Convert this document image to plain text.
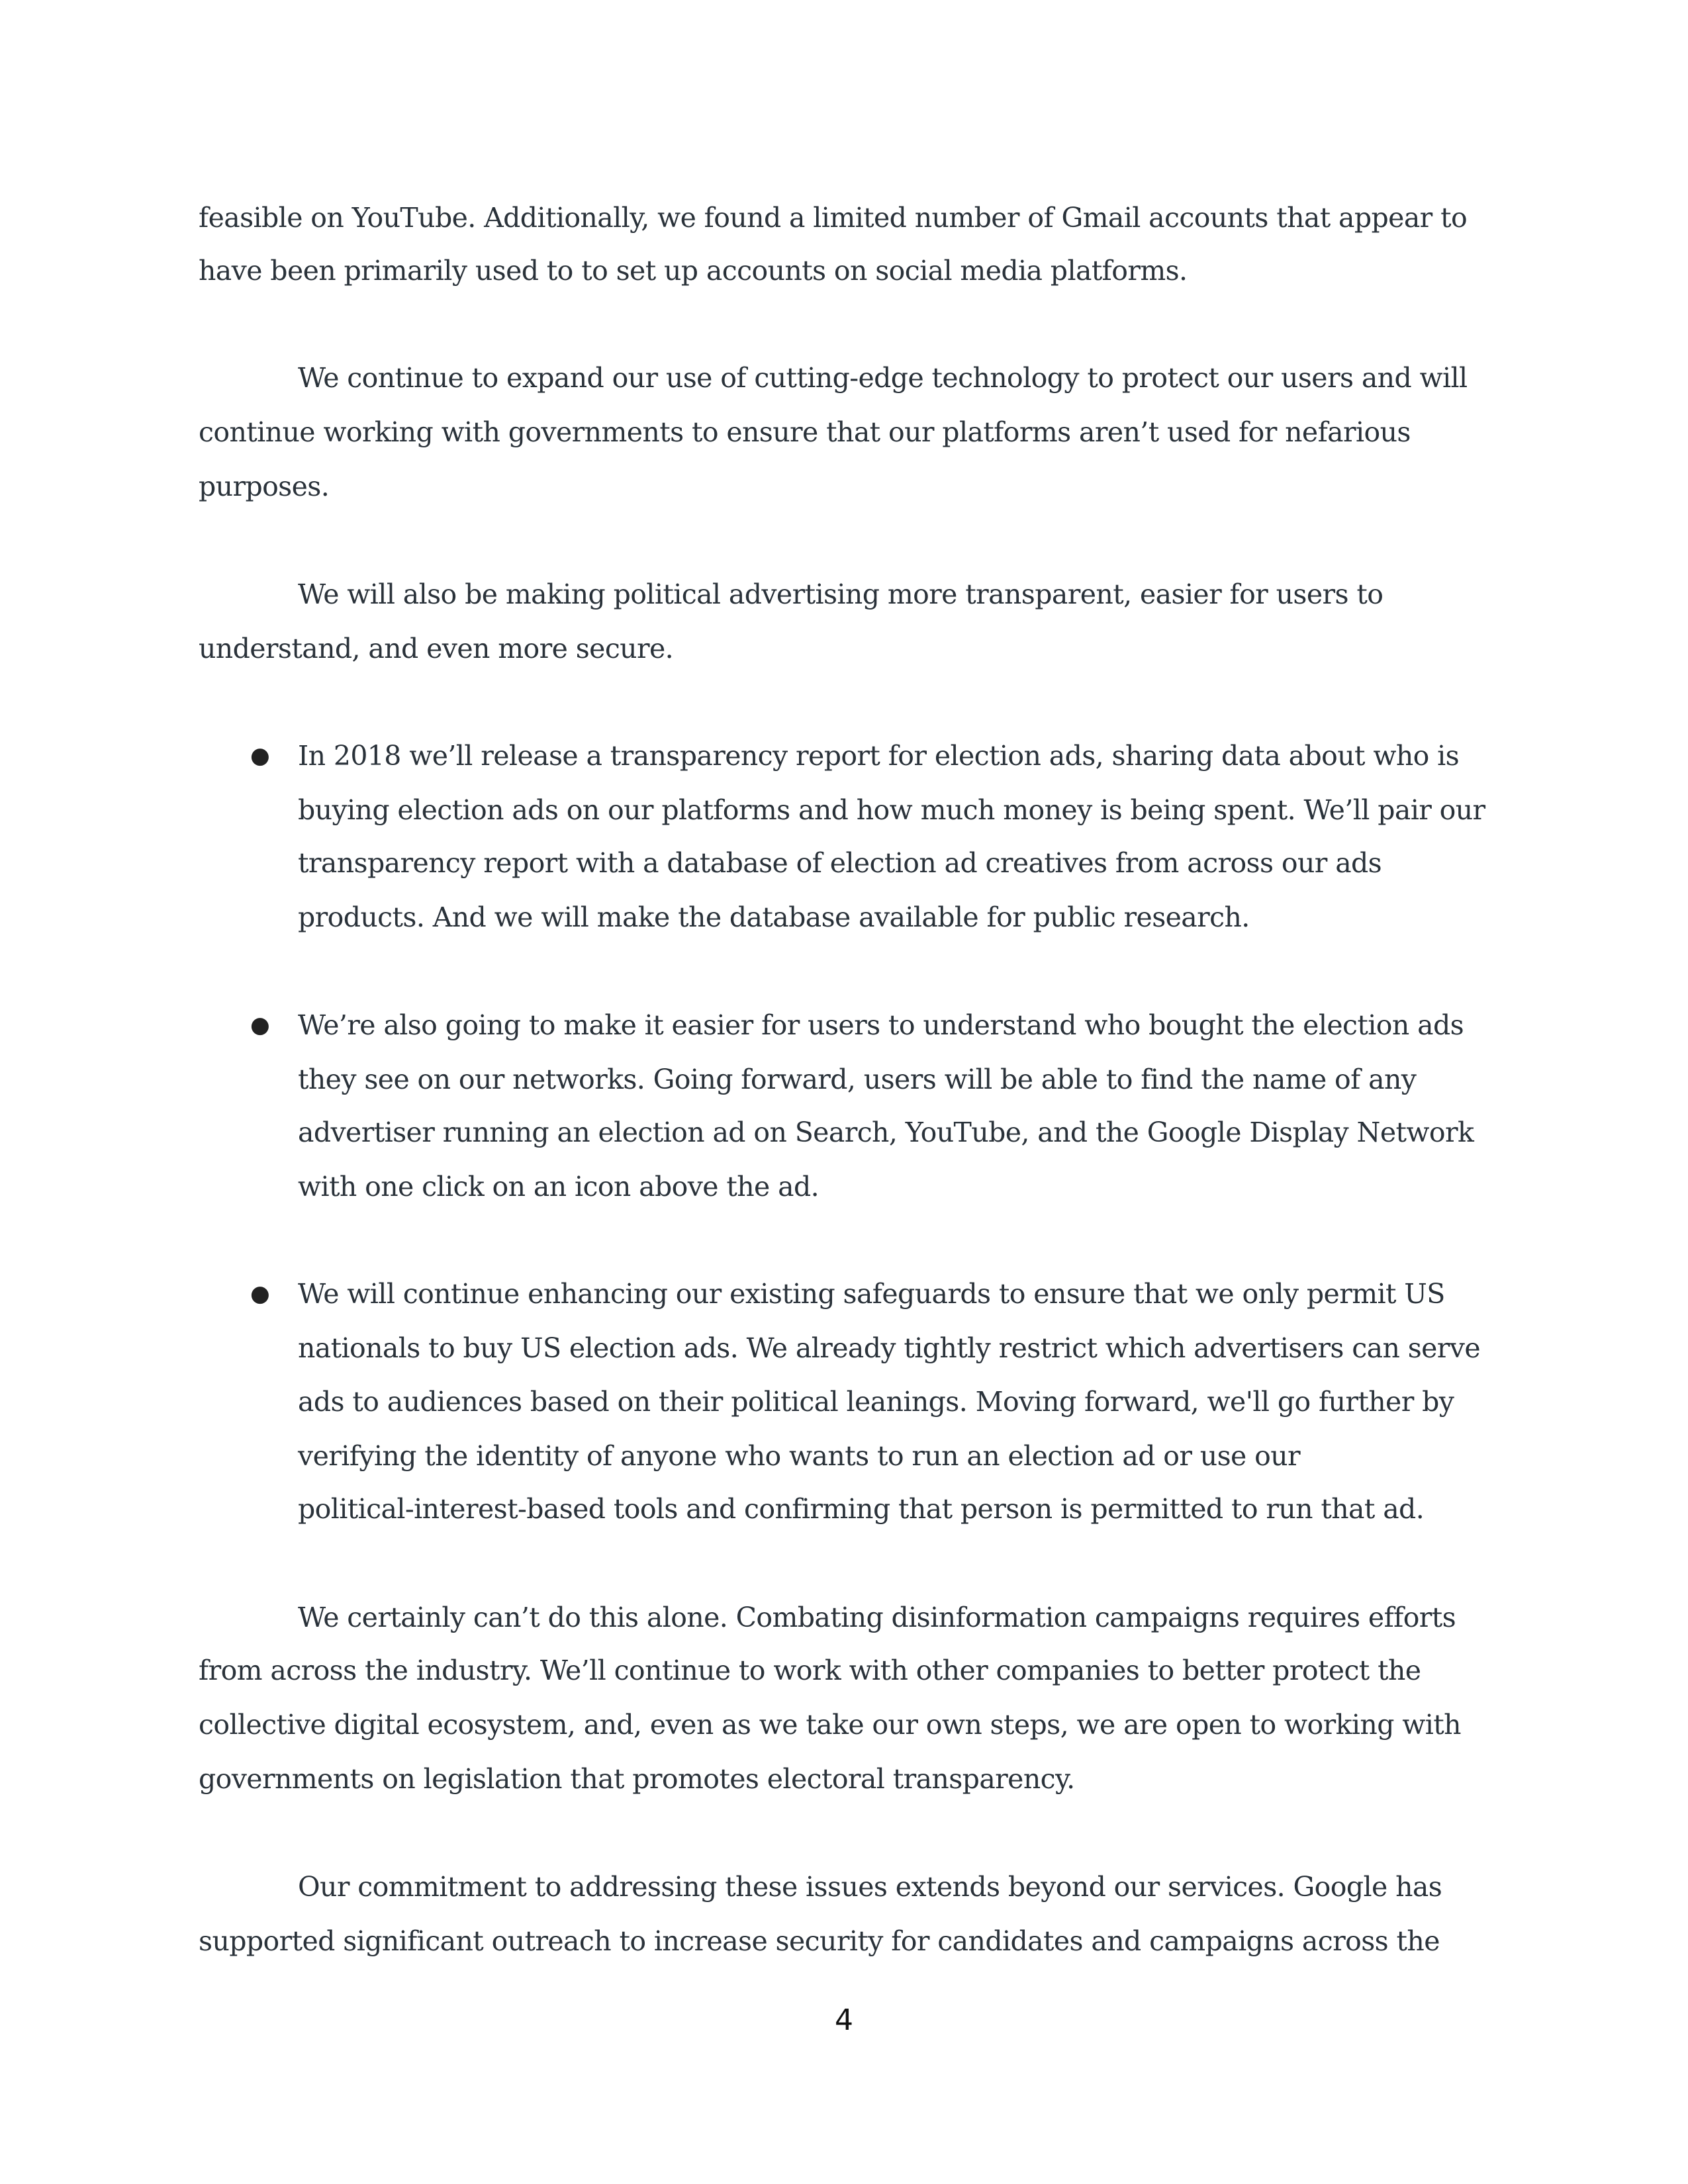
feasible on YouTube. Additionally, we found a limited number of Gmail accounts that appear to
have been primarily used to to set up accounts on social media platforms.
We continue to expand our use of cutting-edge technology to protect our users and will
continue working with governments to ensure that our platforms aren’t used for nefarious
purposes.
We will also be making political advertising more transparent, easier for users to
understand, and even more secure.
● In 2018 we’ll release a transparency report for election ads, sharing data about who is
buying election ads on our platforms and how much money is being spent. We’ll pair our
transparency report with a database of election ad creatives from across our ads
products. And we will make the database available for public research.
● We’re also going to make it easier for users to understand who bought the election ads
they see on our networks. Going forward, users will be able to find the name of any
advertiser running an election ad on Search, YouTube, and the Google Display Network
with one click on an icon above the ad.
● We will continue enhancing our existing safeguards to ensure that we only permit US
nationals to buy US election ads. We already tightly restrict which advertisers can serve
ads to audiences based on their political leanings. Moving forward, we'll go further by
verifying the identity of anyone who wants to run an election ad or use our
political-interest-based tools and confirming that person is permitted to run that ad.
We certainly can’t do this alone. Combating disinformation campaigns requires efforts
from across the industry. We’ll continue to work with other companies to better protect the
collective digital ecosystem, and, even as we take our own steps, we are open to working with
governments on legislation that promotes electoral transparency.
Our commitment to addressing these issues extends beyond our services. Google has
supported significant outreach to increase security for candidates and campaigns across the
4
